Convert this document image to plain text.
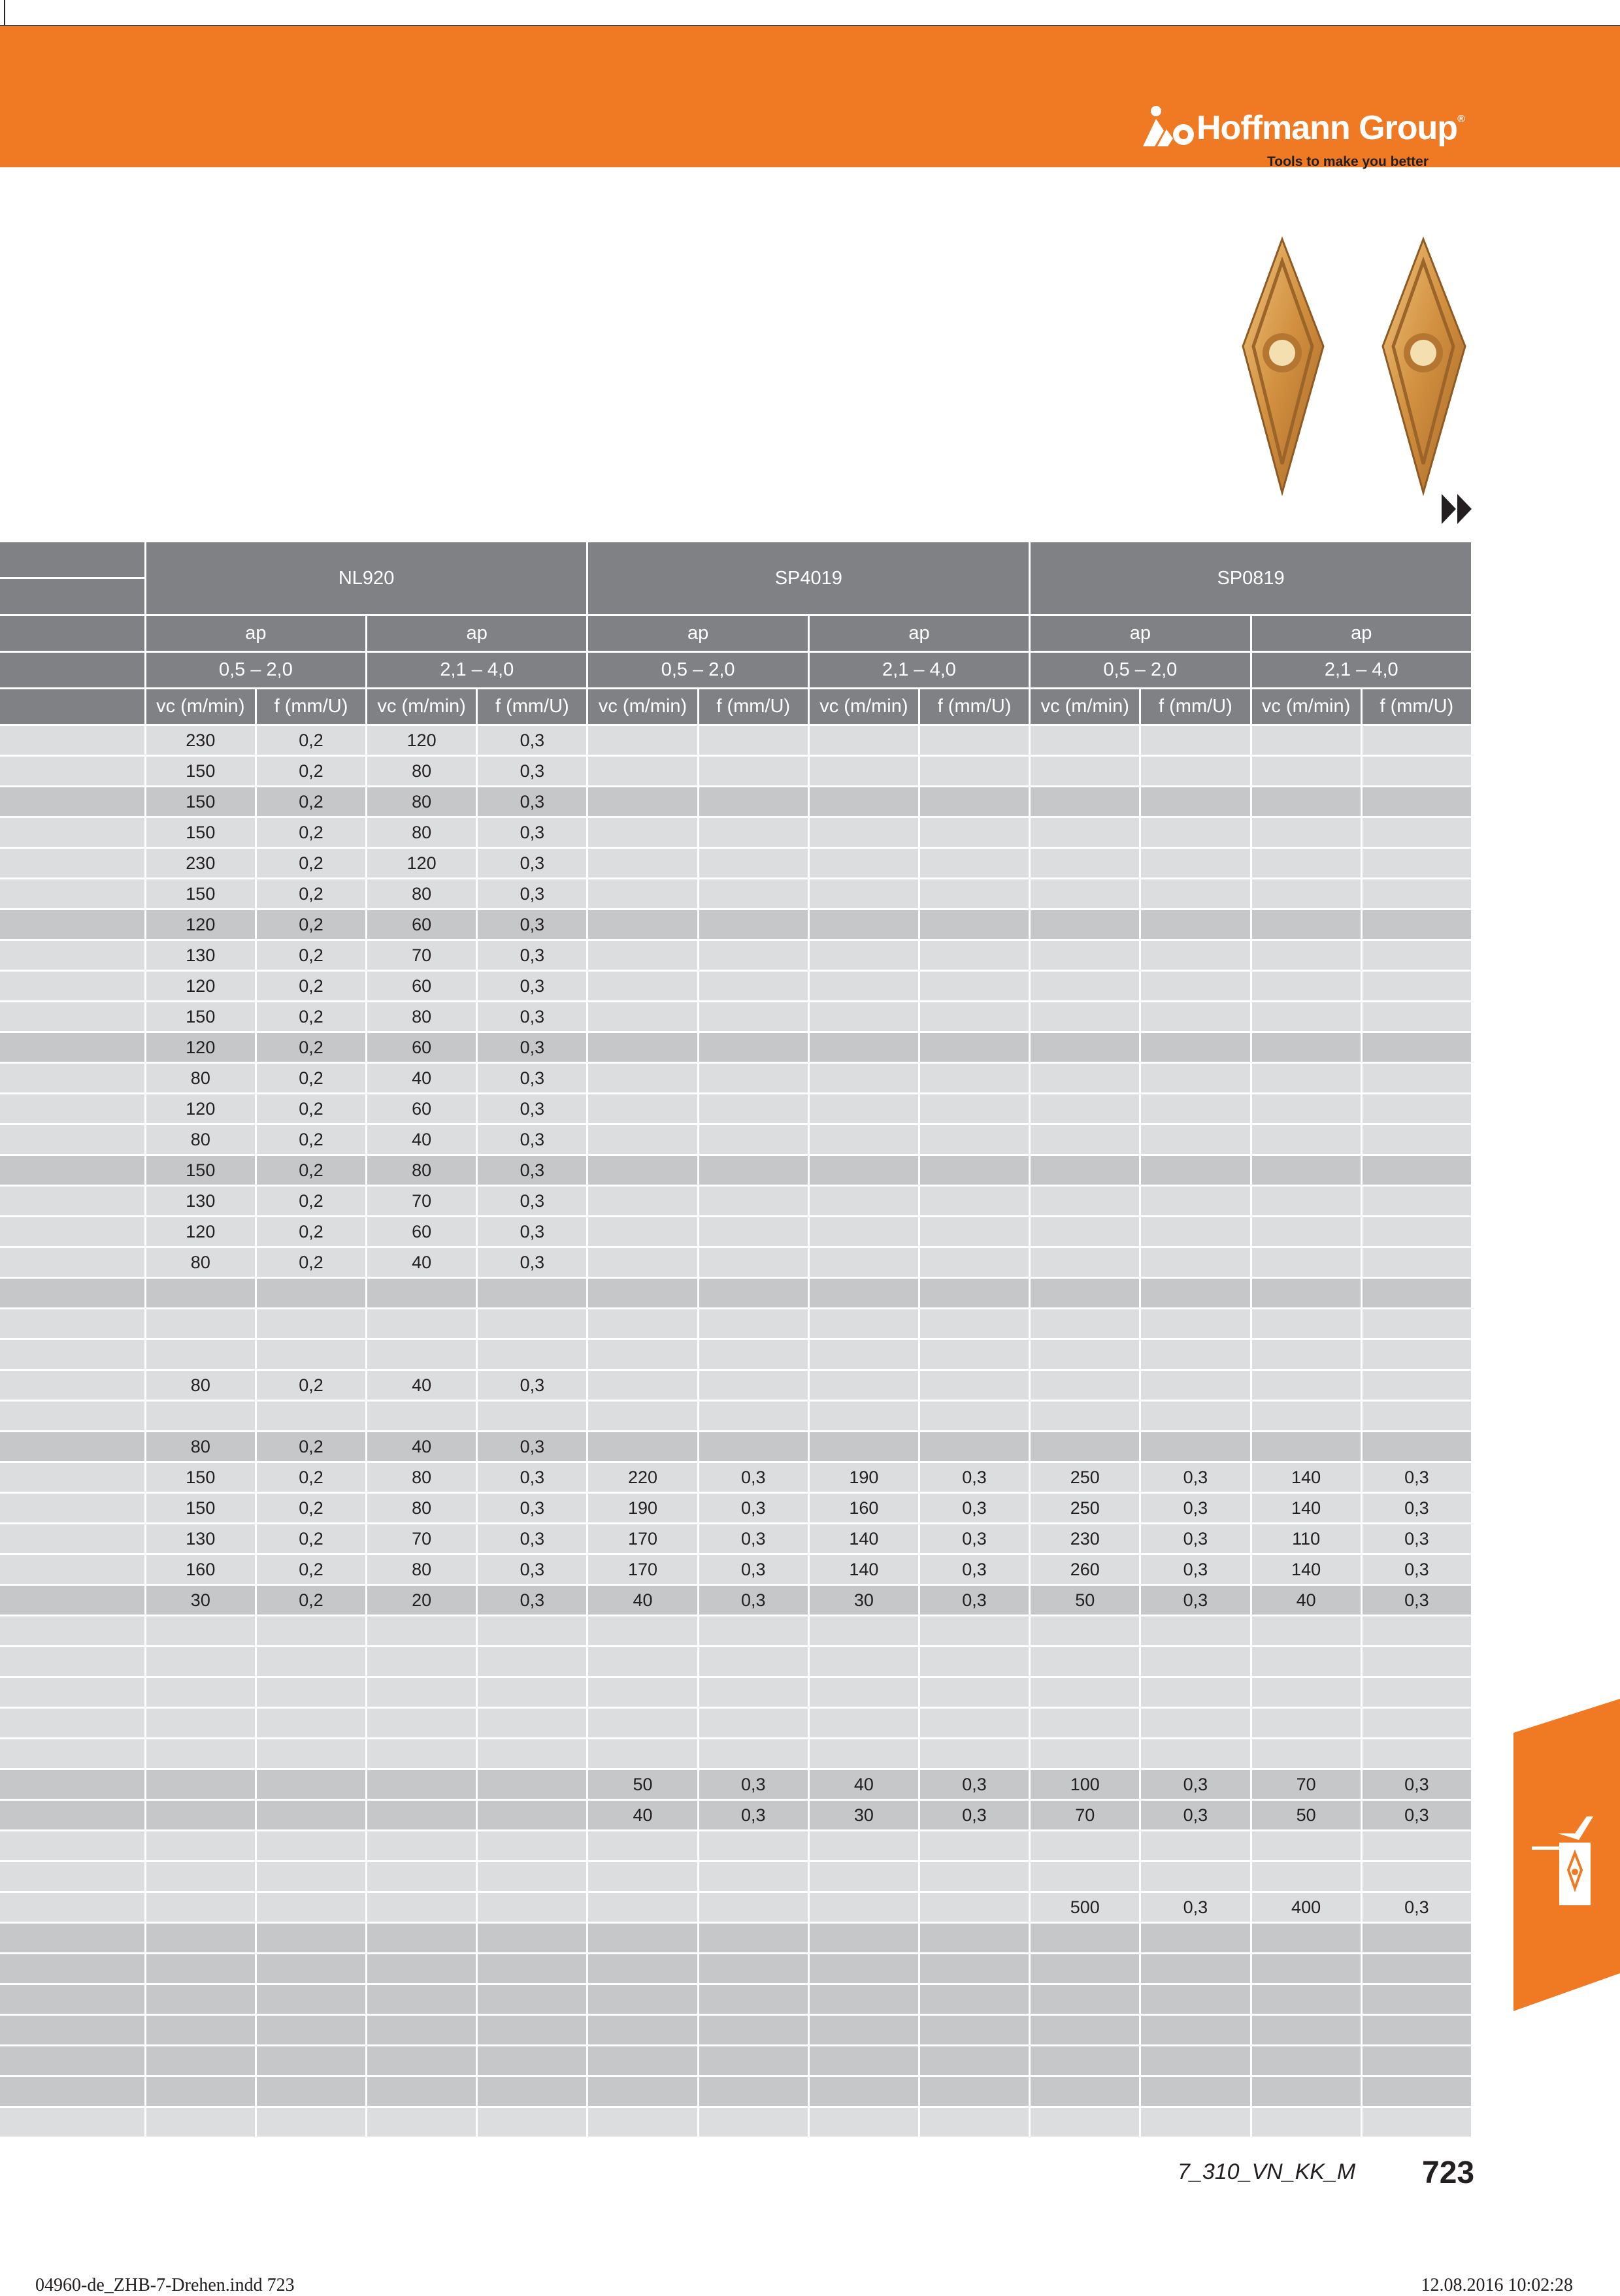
Hoffmann Group®
Tools to make you better
	NL920				SP4019				SP0819			

	ap		ap		ap		ap		ap		ap	
	0,5 – 2,0		2,1 – 4,0		0,5 – 2,0		2,1 – 4,0		0,5 – 2,0		2,1 – 4,0	
	vc (m/min)	f (mm/U)	vc (m/min)	f (mm/U)	vc (m/min)	f (mm/U)	vc (m/min)	f (mm/U)	vc (m/min)	f (mm/U)	vc (m/min)	f (mm/U)
	230	0,2	120	0,3								
	150	0,2	80	0,3								
	150	0,2	80	0,3								
	150	0,2	80	0,3								
	230	0,2	120	0,3								
	150	0,2	80	0,3								
	120	0,2	60	0,3								
	130	0,2	70	0,3								
	120	0,2	60	0,3								
	150	0,2	80	0,3								
	120	0,2	60	0,3								
	80	0,2	40	0,3								
	120	0,2	60	0,3								
	80	0,2	40	0,3								
	150	0,2	80	0,3								
	130	0,2	70	0,3								
	120	0,2	60	0,3								
	80	0,2	40	0,3								

	80	0,2	40	0,3								

	80	0,2	40	0,3								
	150	0,2	80	0,3	220	0,3	190	0,3	250	0,3	140	0,3
	150	0,2	80	0,3	190	0,3	160	0,3	250	0,3	140	0,3
	130	0,2	70	0,3	170	0,3	140	0,3	230	0,3	110	0,3
	160	0,2	80	0,3	170	0,3	140	0,3	260	0,3	140	0,3
	30	0,2	20	0,3	40	0,3	30	0,3	50	0,3	40	0,3

					50	0,3	40	0,3	100	0,3	70	0,3
					40	0,3	30	0,3	70	0,3	50	0,3

									500	0,3	400	0,3

7_310_VN_KK_M 723
04960-de_ZHB-7-Drehen.indd 723	12.08.2016 10:02:28
